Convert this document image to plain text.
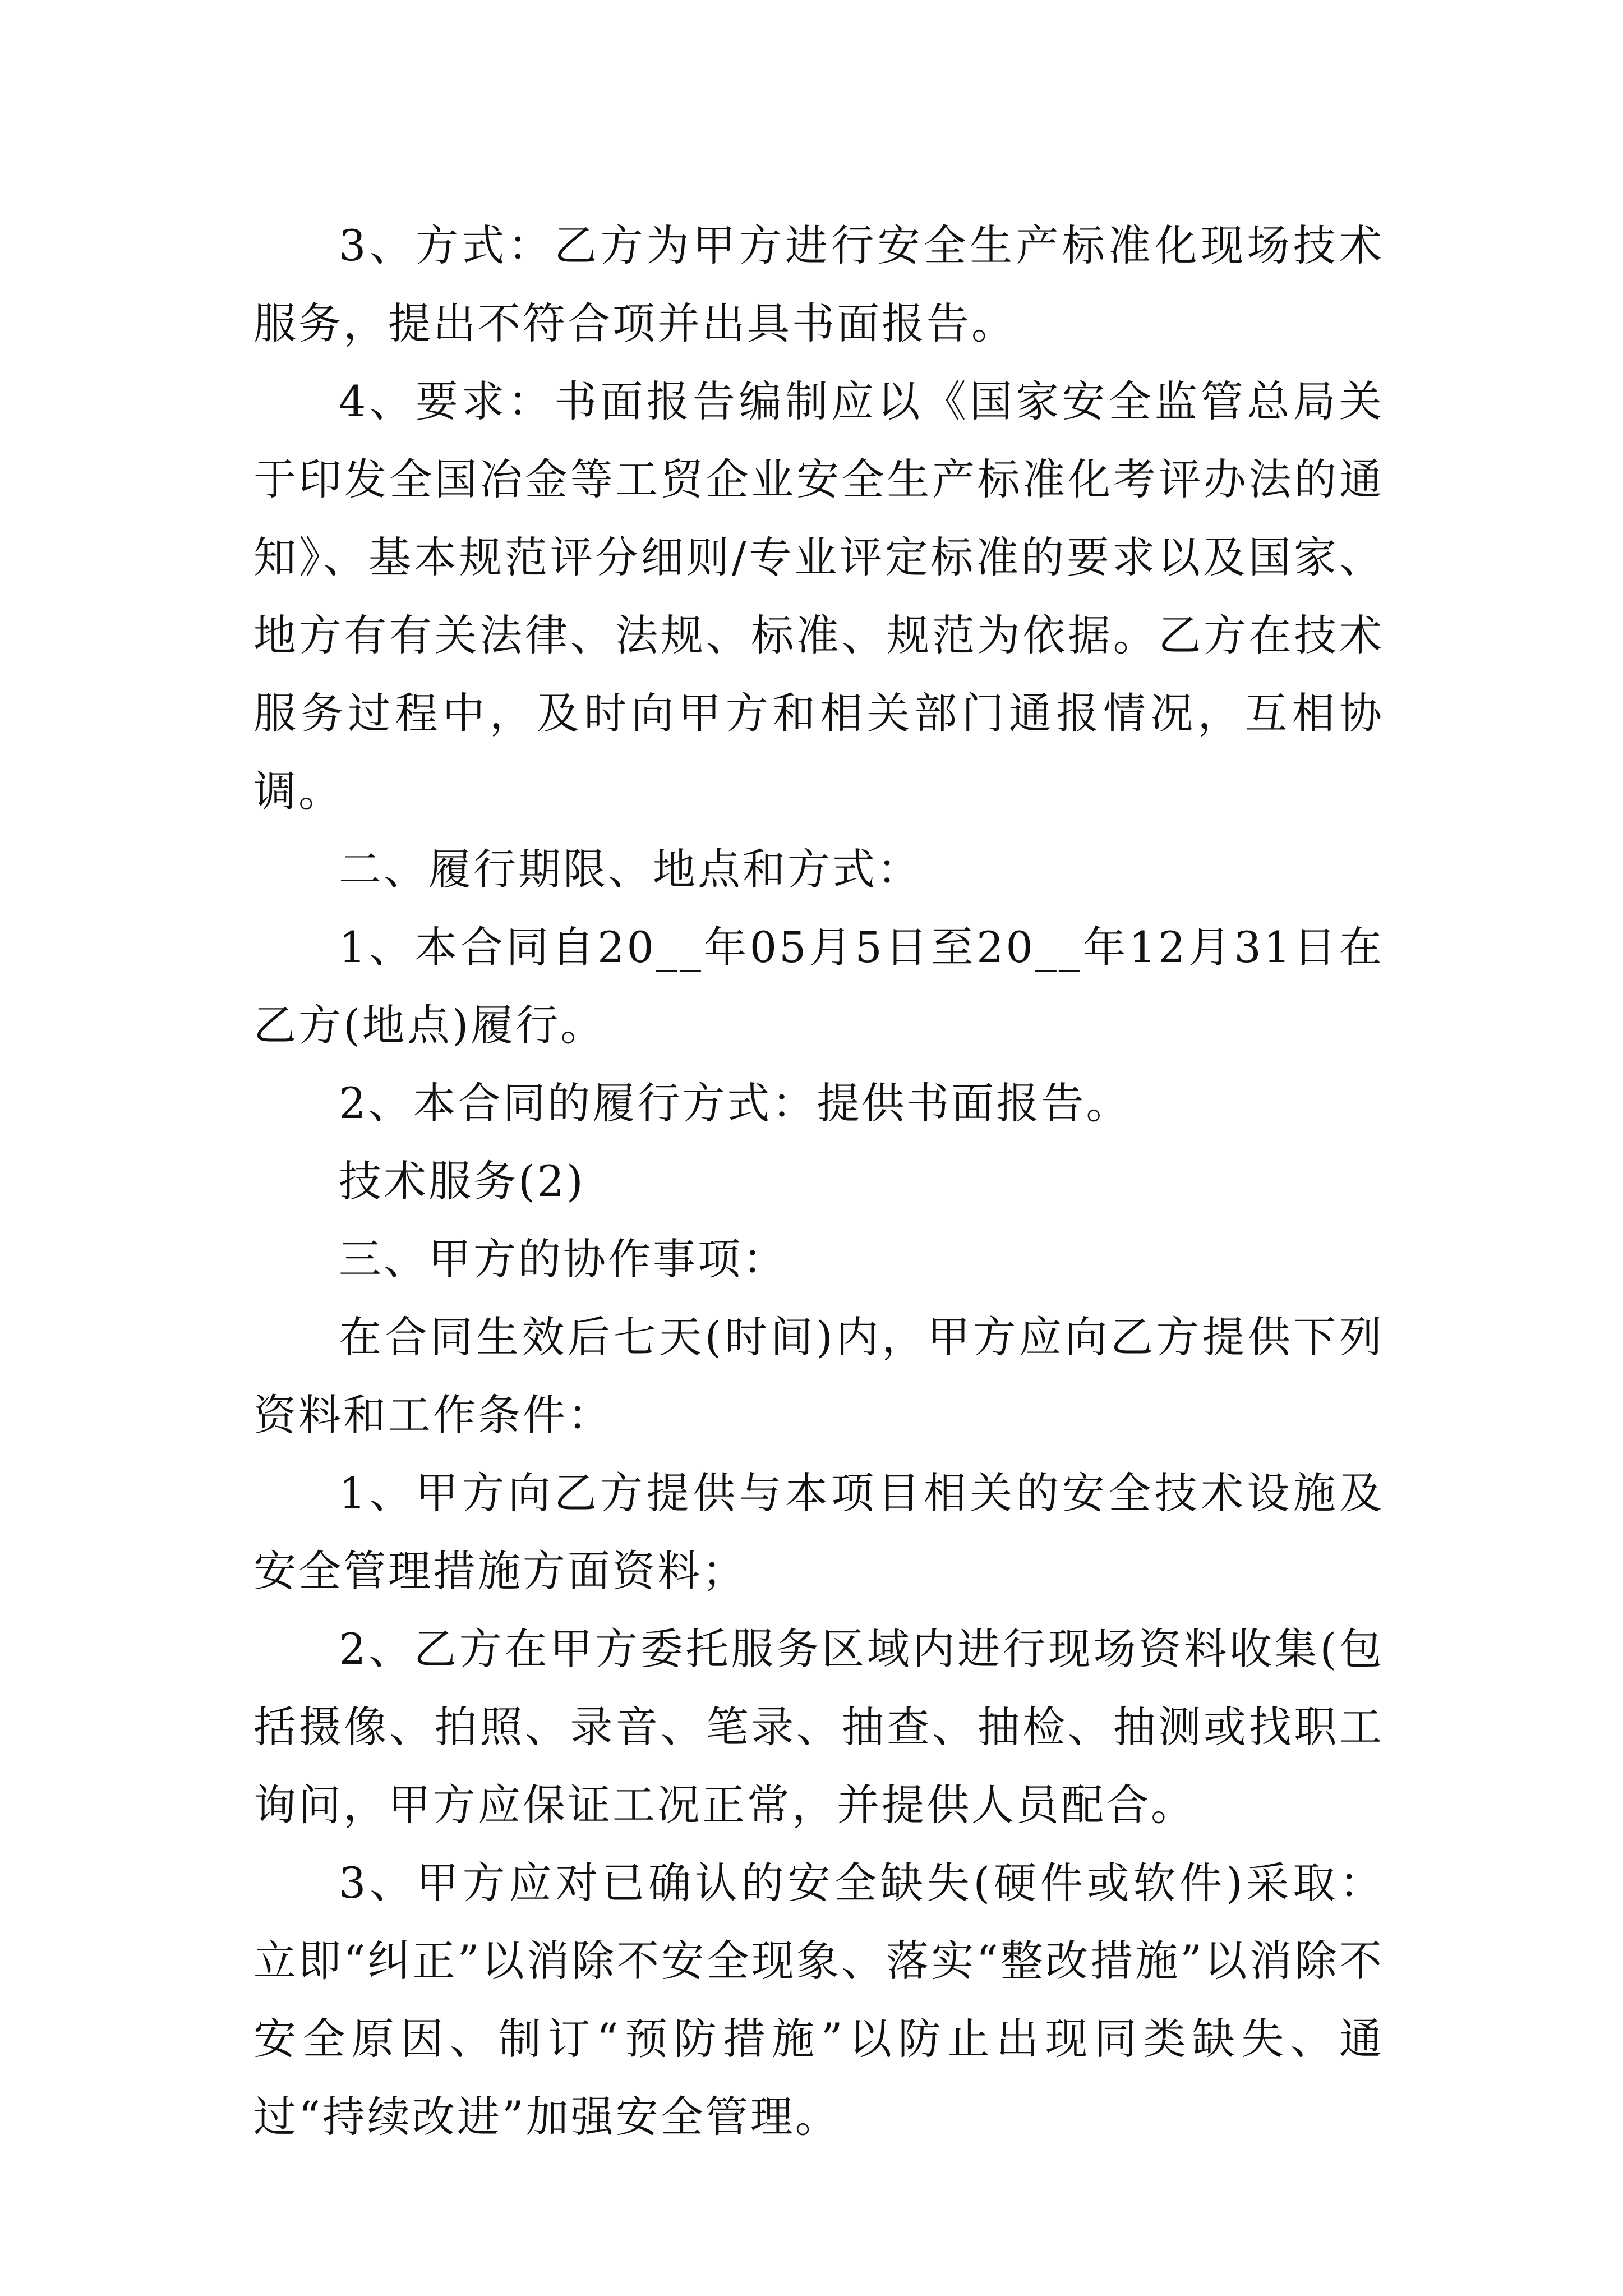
3、方式：乙方为甲方进行安全生产标准化现场技术服务，提出不符合项并出具书面报告。

4、要求：书面报告编制应以《国家安全监管总局关于印发全国冶金等工贸企业安全生产标准化考评办法的通知》、基本规范评分细则/专业评定标准的要求以及国家、地方有有关法律、法规、标准、规范为依据。乙方在技术服务过程中，及时向甲方和相关部门通报情况，互相协调。

二、履行期限、地点和方式：

1、本合同自20__年05月5日至20__年12月31日在乙方(地点)履行。

2、本合同的履行方式：提供书面报告。

技术服务(2)

三、甲方的协作事项：

在合同生效后七天(时间)内，甲方应向乙方提供下列资料和工作条件：

1、甲方向乙方提供与本项目相关的安全技术设施及安全管理措施方面资料；

2、乙方在甲方委托服务区域内进行现场资料收集(包括摄像、拍照、录音、笔录、抽查、抽检、抽测或找职工询问，甲方应保证工况正常，并提供人员配合。

3、甲方应对已确认的安全缺失(硬件或软件)采取：立即“纠正”以消除不安全现象、落实“整改措施”以消除不安全原因、制订“预防措施”以防止出现同类缺失、通过“持续改进”加强安全管理。
